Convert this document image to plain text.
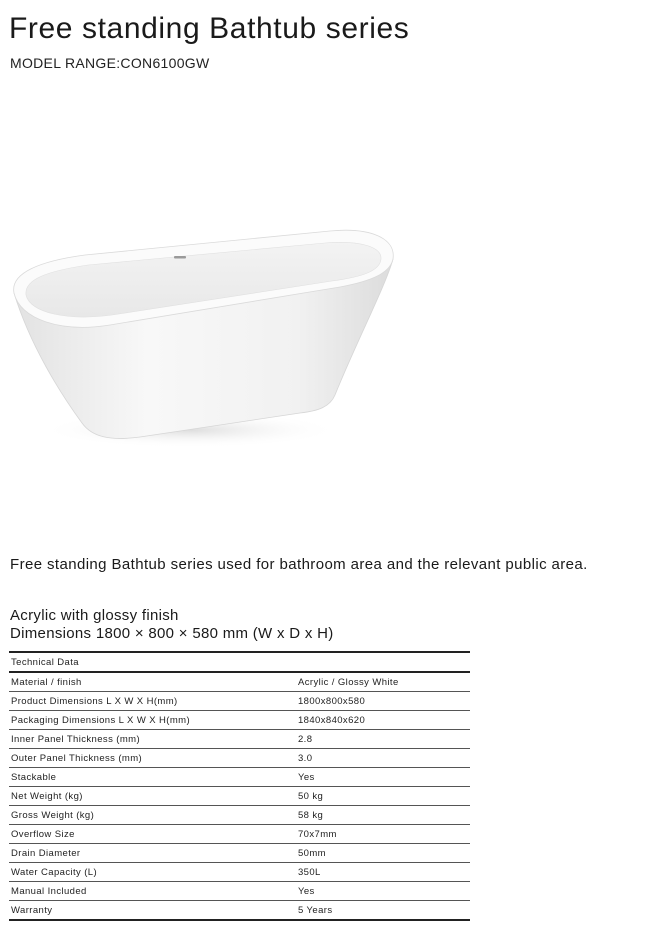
Free standing Bathtub series

MODEL RANGE:CON6100GW

Free standing Bathtub series used for bathroom area and the relevant public area.

Acrylic with glossy finish
Dimensions 1800 × 800 × 580 mm (W x D x H)
Technical Data	
Material / finish	Acrylic / Glossy White
Product Dimensions L X W X H(mm)	1800x800x580
Packaging Dimensions L X W X H(mm)	1840x840x620
Inner Panel Thickness (mm)	2.8
Outer Panel Thickness (mm)	3.0
Stackable	Yes
Net Weight (kg)	50 kg
Gross Weight (kg)	58 kg
Overflow Size	70x7mm
Drain Diameter	50mm
Water Capacity (L)	350L
Manual Included	Yes
Warranty	5 Years
